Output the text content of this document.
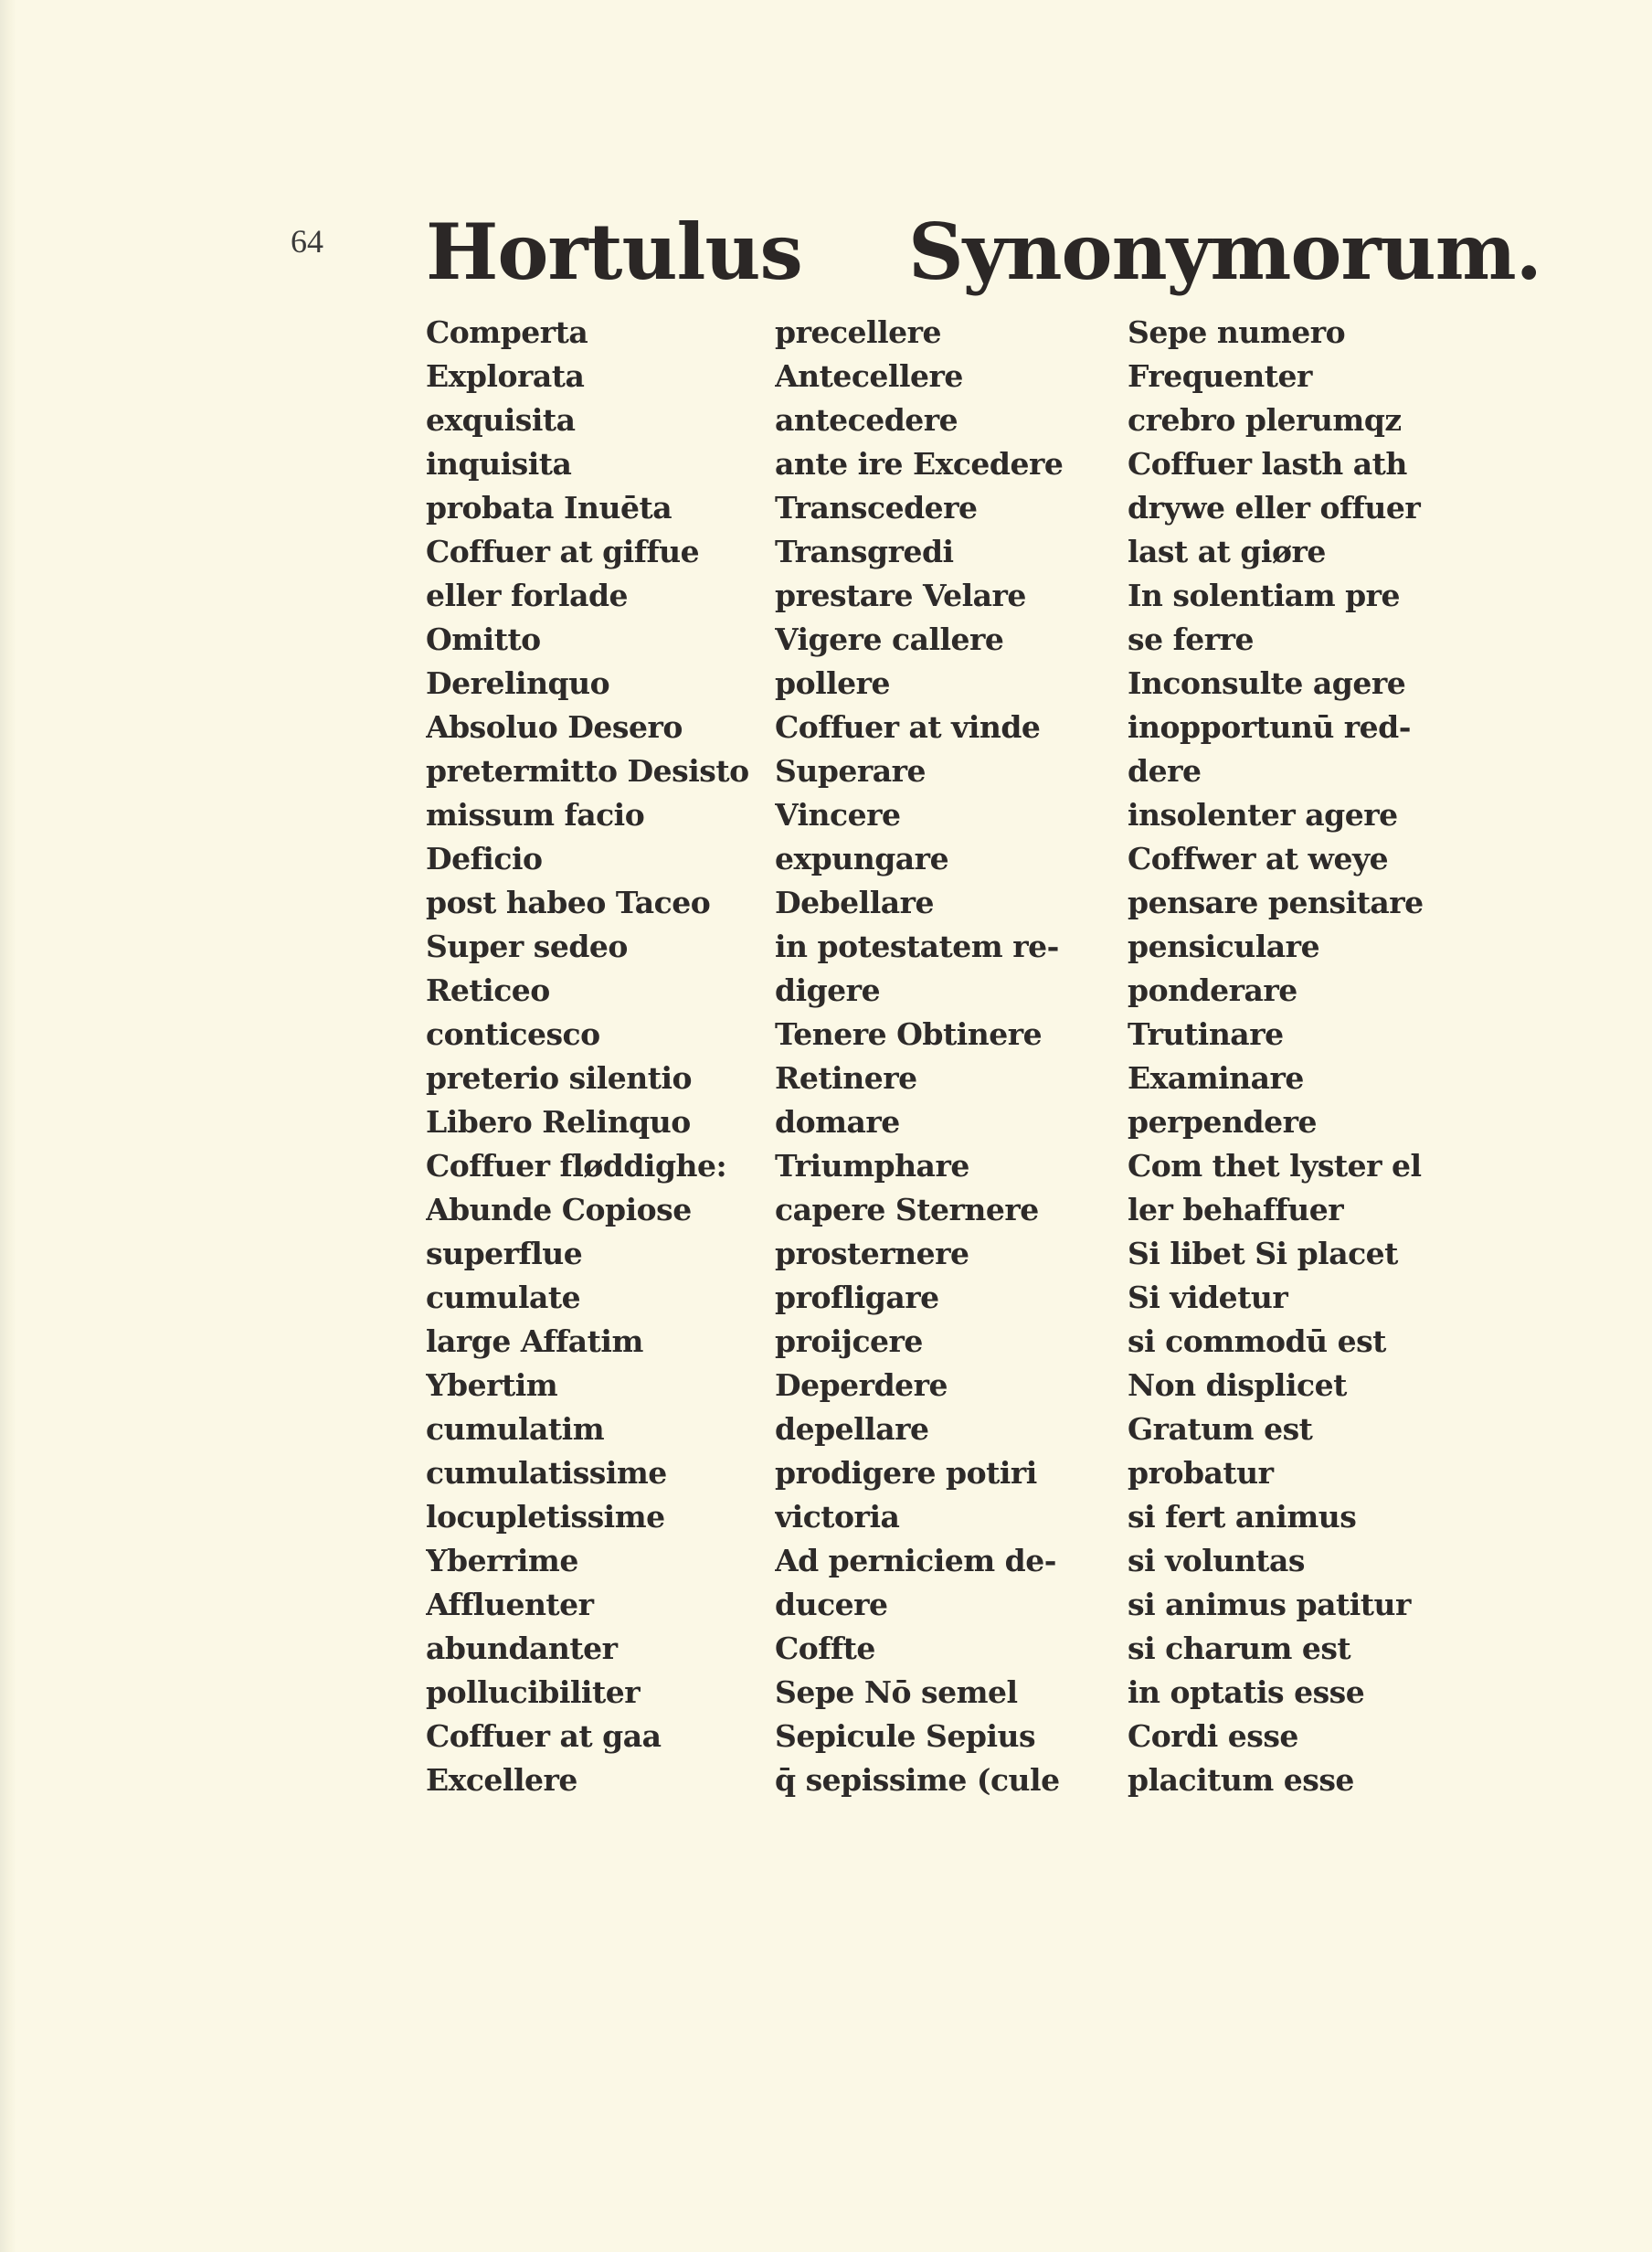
64 Hortulus Synonymorum.
Comperta
Explorata
exquisita
inquisita
probata Inuēta
Coffuer at giffue
eller forlade
Omitto
Derelinquo
Absoluo Desero
pretermitto Desisto
missum facio
Deficio
post habeo Taceo
Super sedeo
Reticeo
conticesco
preterio silentio
Libero Relinquo
Coffuer fløddighe:
Abunde Copiose
superflue
cumulate
large Affatim
Ybertim
cumulatim
cumulatissime
locupletissime
Yberrime
Affluenter
abundanter
pollucibiliter
Coffuer at gaa
Excellere
precellere
Antecellere
antecedere
ante ire Excedere
Transcedere
Transgredi
prestare Velare
Vigere callere
pollere
Coffuer at vinde
Superare
Vincere
expungare
Debellare
in potestatem re-
digere
Tenere Obtinere
Retinere
domare
Triumphare
capere Sternere
prosternere
profligare
proijcere
Deperdere
depellare
prodigere potiri
victoria
Ad perniciem de-
ducere
Coffte
Sepe Nō semel
Sepicule Sepius
q̄ sepissime (cule
Sepe numero
Frequenter
crebro plerumqz
Coffuer lasth ath
drywe eller offuer
last at giøre
In solentiam pre
se ferre
Inconsulte agere
inopportunū red-
dere
insolenter agere
Coffwer at weye
pensare pensitare
pensiculare
ponderare
Trutinare
Examinare
perpendere
Com thet lyster el
ler behaffuer
Si libet Si placet
Si videtur
si commodū est
Non displicet
Gratum est
probatur
si fert animus
si voluntas
si animus patitur
si charum est
in optatis esse
Cordi esse
placitum esse
